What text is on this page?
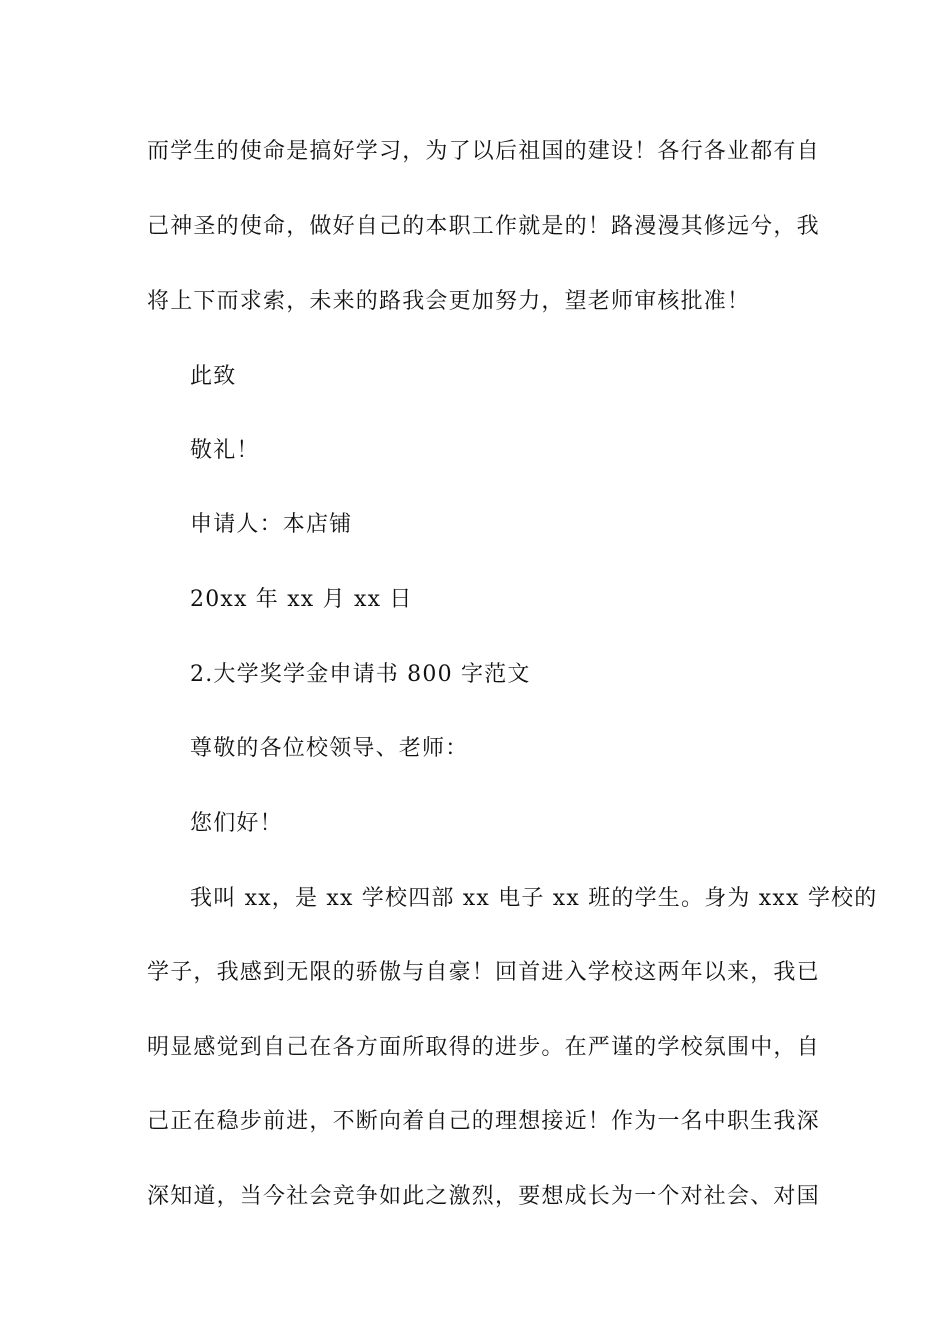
而学生的使命是搞好学习，为了以后祖国的建设！各行各业都有自
己神圣的使命，做好自己的本职工作就是的！路漫漫其修远兮，我
将上下而求索，未来的路我会更加努力，望老师审核批准！
此致
敬礼！
申请人：本店铺
20xx 年 xx 月 xx 日
2.大学奖学金申请书 800 字范文
尊敬的各位校领导、老师：
您们好！
我叫 xx，是 xx 学校四部 xx 电子 xx 班的学生。身为 xxx 学校的
学子，我感到无限的骄傲与自豪！回首进入学校这两年以来，我已
明显感觉到自己在各方面所取得的进步。在严谨的学校氛围中，自
己正在稳步前进，不断向着自己的理想接近！作为一名中职生我深
深知道，当今社会竞争如此之激烈，要想成长为一个对社会、对国
